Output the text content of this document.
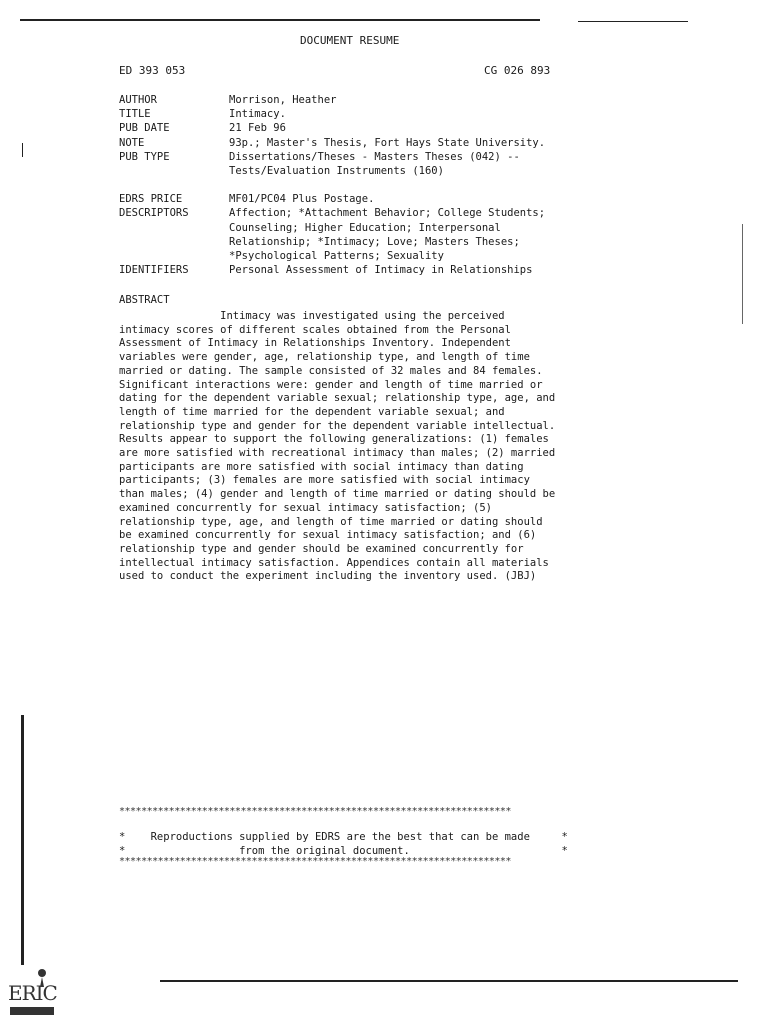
DOCUMENT RESUME
ED 393 053	CG 026 893
AUTHOR	Morrison, Heather
TITLE	Intimacy.
PUB DATE	21 Feb 96
NOTE	93p.; Master's Thesis, Fort Hays State University.
PUB TYPE	Dissertations/Theses - Masters Theses (042) --
Tests/Evaluation Instruments (160)
EDRS PRICE	MF01/PC04 Plus Postage.
DESCRIPTORS	Affection; *Attachment Behavior; College Students;
Counseling; Higher Education; Interpersonal
Relationship; *Intimacy; Love; Masters Theses;
*Psychological Patterns; Sexuality
IDENTIFIERS	Personal Assessment of Intimacy in Relationships
ABSTRACT
Intimacy was investigated using the perceived
intimacy scores of different scales obtained from the Personal
Assessment of Intimacy in Relationships Inventory. Independent
variables were gender, age, relationship type, and length of time
married or dating. The sample consisted of 32 males and 84 females.
Significant interactions were: gender and length of time married or
dating for the dependent variable sexual; relationship type, age, and
length of time married for the dependent variable sexual; and
relationship type and gender for the dependent variable intellectual.
Results appear to support the following generalizations: (1) females
are more satisfied with recreational intimacy than males; (2) married
participants are more satisfied with social intimacy than dating
participants; (3) females are more satisfied with social intimacy
than males; (4) gender and length of time married or dating should be
examined concurrently for sexual intimacy satisfaction; (5)
relationship type, age, and length of time married or dating should
be examined concurrently for sexual intimacy satisfaction; and (6)
relationship type and gender should be examined concurrently for
intellectual intimacy satisfaction. Appendices contain all materials
used to conduct the experiment including the inventory used. (JBJ)
***********************************************************************
*    Reproductions supplied by EDRS are the best that can be made     *
*                  from the original document.                        *
***********************************************************************
ERIC
